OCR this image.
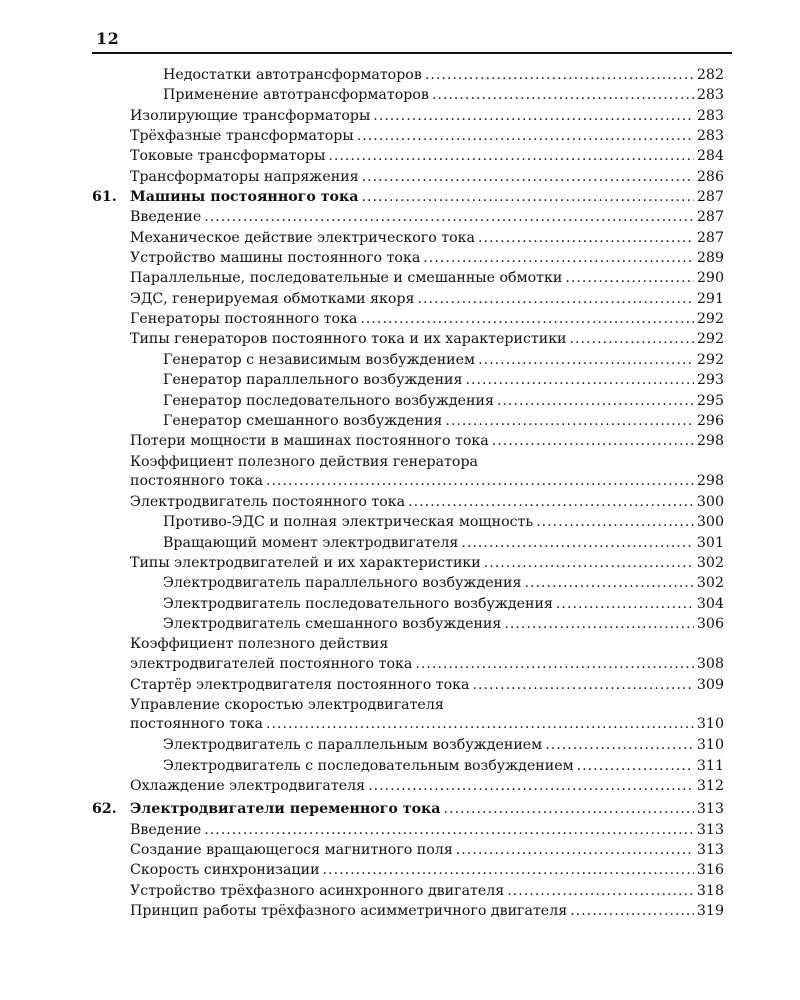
12
Недостатки автотрансформаторов .....	282
Применение автотрансформаторов .....	283
Изолирующие трансформаторы .....	283
Трёхфазные трансформаторы .....	283
Токовые трансформаторы .....	284
Трансформаторы напряжения .....	286
61. Машины постоянного тока .....	287
Введение .....	287
Механическое действие электрического тока .....	287
Устройство машины постоянного тока .....	289
Параллельные, последовательные и смешанные обмотки .....	290
ЭДС, генерируемая обмотками якоря .....	291
Генераторы постоянного тока .....	292
Типы генераторов постоянного тока и их характеристики .....	292
Генератор с независимым возбуждением .....	292
Генератор параллельного возбуждения .....	293
Генератор последовательного возбуждения .....	295
Генератор смешанного возбуждения .....	296
Потери мощности в машинах постоянного тока .....	298
Коэффициент полезного действия генератора
постоянного тока .....	298
Электродвигатель постоянного тока .....	300
Противо-ЭДС и полная электрическая мощность .....	300
Вращающий момент электродвигателя .....	301
Типы электродвигателей и их характеристики .....	302
Электродвигатель параллельного возбуждения .....	302
Электродвигатель последовательного возбуждения .....	304
Электродвигатель смешанного возбуждения .....	306
Коэффициент полезного действия
электродвигателей постоянного тока .....	308
Стартёр электродвигателя постоянного тока .....	309
Управление скоростью электродвигателя
постоянного тока .....	310
Электродвигатель с параллельным возбуждением .....	310
Электродвигатель с последовательным возбуждением .....	311
Охлаждение электродвигателя .....	312
62. Электродвигатели переменного тока .....	313
Введение .....	313
Создание вращающегося магнитного поля .....	313
Скорость синхронизации .....	316
Устройство трёхфазного асинхронного двигателя .....	318
Принцип работы трёхфазного асимметричного двигателя .....	319
